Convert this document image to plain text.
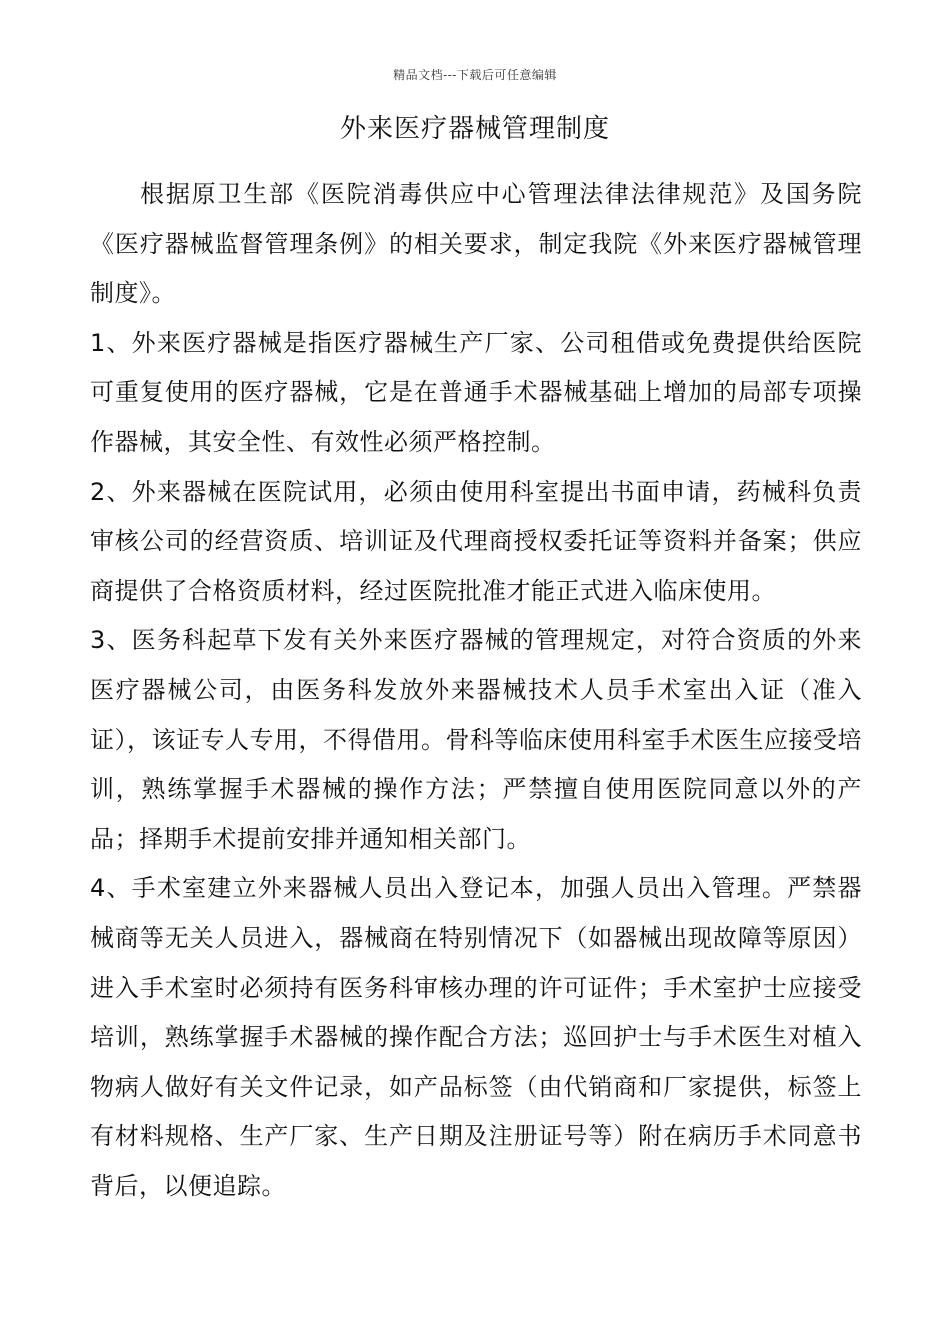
精品文档---下载后可任意编辑
外来医疗器械管理制度

根据原卫生部《医院消毒供应中心管理法律法律规范》及国务院《医疗器械监督管理条例》的相关要求，制定我院《外来医疗器械管理制度》。

1、外来医疗器械是指医疗器械生产厂家、公司租借或免费提供给医院可重复使用的医疗器械，它是在普通手术器械基础上增加的局部专项操作器械，其安全性、有效性必须严格控制。

2、外来器械在医院试用，必须由使用科室提出书面申请，药械科负责审核公司的经营资质、培训证及代理商授权委托证等资料并备案；供应商提供了合格资质材料，经过医院批准才能正式进入临床使用。

3、医务科起草下发有关外来医疗器械的管理规定，对符合资质的外来医疗器械公司，由医务科发放外来器械技术人员手术室出入证（准入证），该证专人专用，不得借用。骨科等临床使用科室手术医生应接受培训，熟练掌握手术器械的操作方法；严禁擅自使用医院同意以外的产品；择期手术提前安排并通知相关部门。

4、手术室建立外来器械人员出入登记本，加强人员出入管理。严禁器械商等无关人员进入，器械商在特别情况下（如器械出现故障等原因）进入手术室时必须持有医务科审核办理的许可证件；手术室护士应接受培训，熟练掌握手术器械的操作配合方法；巡回护士与手术医生对植入物病人做好有关文件记录，如产品标签（由代销商和厂家提供，标签上有材料规格、生产厂家、生产日期及注册证号等）附在病历手术同意书背后，以便追踪。
